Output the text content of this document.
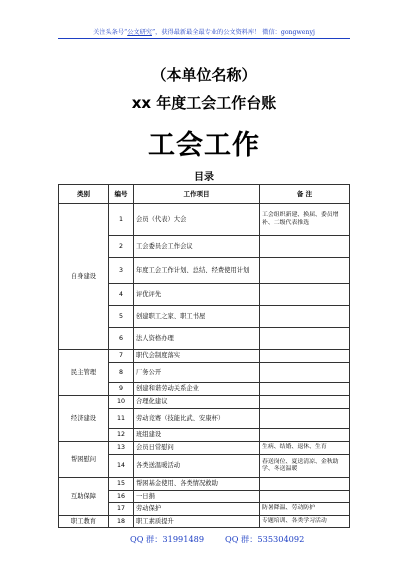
关注头条号“公文研究”，获得最新最全最专业的公文资料库！ 微信：gongwenyj
（本单位名称）
xx 年度工会工作台账
工会工作
目录
类别	编号	工作项目	备 注
自身建设	1	会员（代表）大会	工会组织新建、换届、委员增补、二级代表推选
	2	工会委员会工作会议	
	3	年度工会工作计划、总结、经费使用计划	
	4	评优评先	
	5	创建职工之家、职工书屋	
	6	法人资格办理	
民主管理	7	职代会制度落实	
	8	厂务公开	
	9	创建和谐劳动关系企业	
经济建设	10	合理化建议	
	11	劳动竞赛（技能比武、安康杯）	
	12	班组建设	
帮困慰问	13	会员日常慰问	生病、结婚、退休、生育
	14	各类送温暖活动	春送岗位、夏送清凉、金秋助学、冬送温暖
互助保障	15	帮困基金使用、各类情况救助	
	16	一日捐	
	17	劳动保护	防暑降温、劳动防护
职工教育	18	职工素质提升	专题培训、各类学习活动
QQ 群：31991489	QQ 群：535304092
